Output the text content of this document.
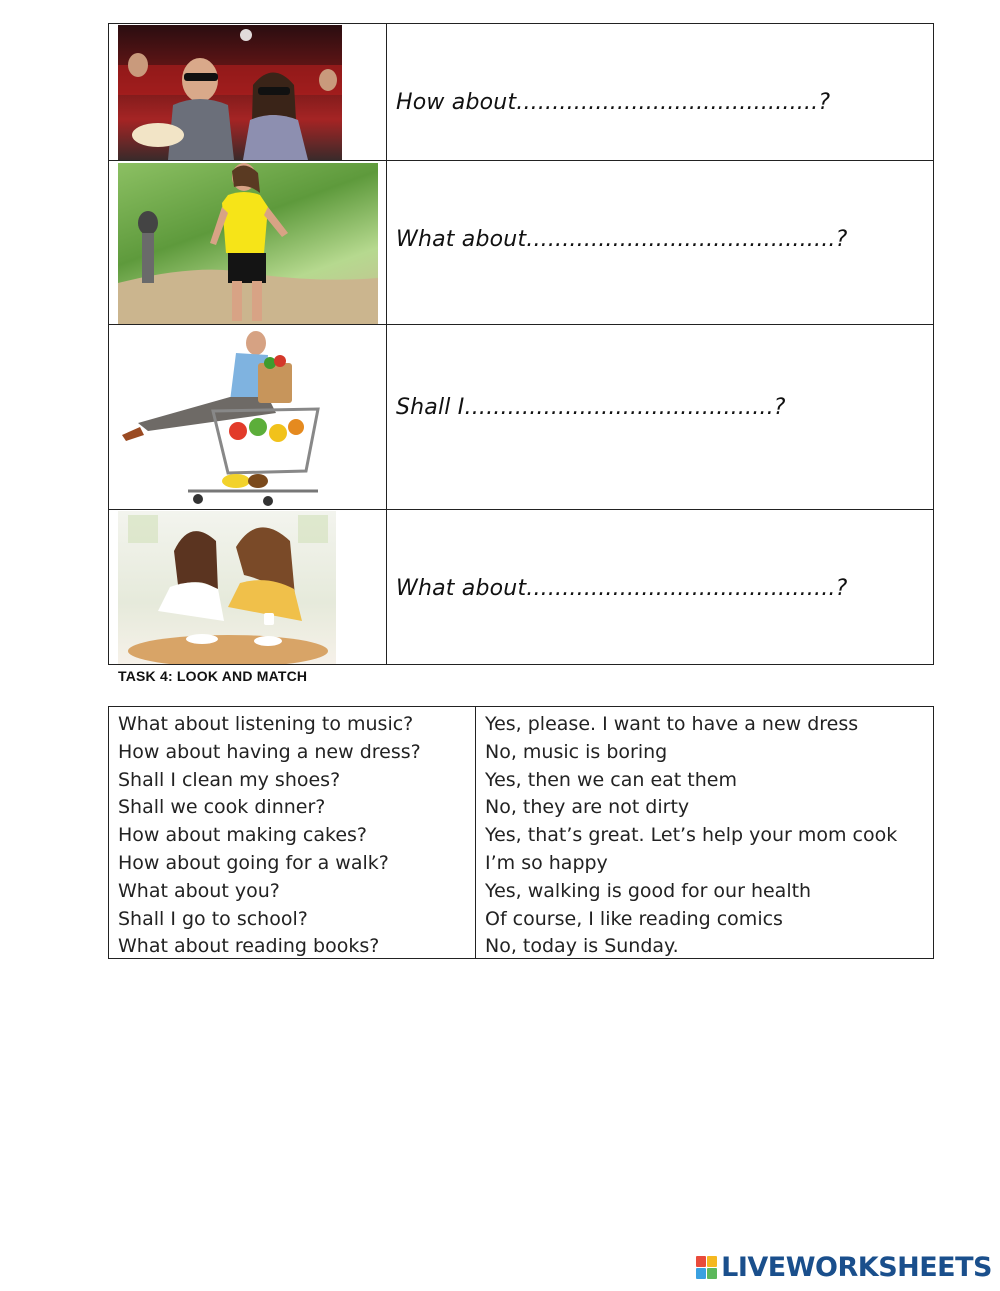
How about..........................................?
What about...........................................?
Shall I...........................................?
What about...........................................?
TASK 4: LOOK AND MATCH
What about listening to music?
How about having a new dress?
Shall I clean my shoes?
Shall we cook dinner?
How about making cakes?
How about going for a walk?
What about you?
Shall I go to school?
What about reading books?
Yes, please. I want to have a new dress
No, music is boring
Yes, then we can eat them
No, they are not dirty
Yes, that’s great. Let’s help your mom cook
I’m so happy
Yes, walking is good for our health
Of course, I like reading comics
No, today is Sunday.
LIVEWORKSHEETS
